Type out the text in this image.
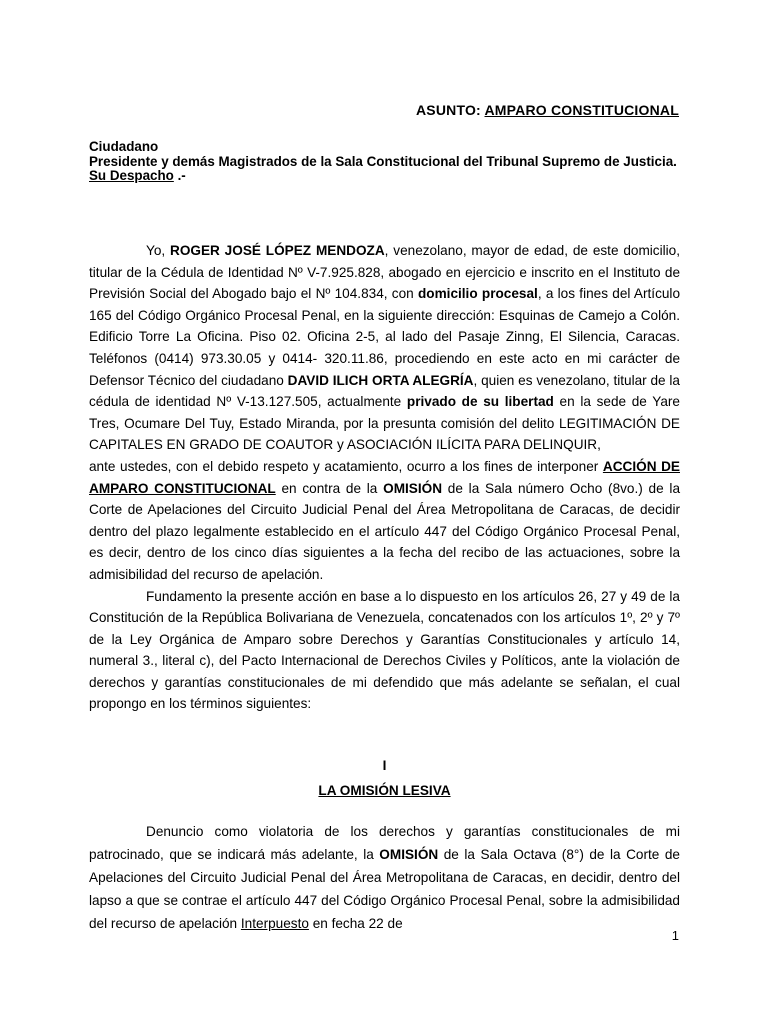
ASUNTO: AMPARO CONSTITUCIONAL
Ciudadano
Presidente y demás Magistrados de la Sala Constitucional del Tribunal Supremo de Justicia.
Su Despacho .-

Yo, ROGER JOSÉ LÓPEZ MENDOZA, venezolano, mayor de edad, de este domicilio, titular de la Cédula de Identidad Nº V-7.925.828, abogado en ejercicio e inscrito en el Instituto de Previsión Social del Abogado bajo el Nº 104.834, con domicilio procesal, a los fines del Artículo 165 del Código Orgánico Procesal Penal, en la siguiente dirección: Esquinas de Camejo a Colón. Edificio Torre La Oficina. Piso 02. Oficina 2-5, al lado del Pasaje Zinng, El Silencia, Caracas. Teléfonos (0414) 973.30.05 y 0414- 320.11.86, procediendo en este acto en mi carácter de Defensor Técnico del ciudadano DAVID ILICH ORTA ALEGRÍA, quien es venezolano, titular de la cédula de identidad Nº V-13.127.505, actualmente privado de su libertad en la sede de Yare Tres, Ocumare Del Tuy, Estado Miranda, por la presunta comisión del delito LEGITIMACIÓN DE CAPITALES EN GRADO DE COAUTOR y ASOCIACIÓN ILÍCITA PARA DELINQUIR,

ante ustedes, con el debido respeto y acatamiento, ocurro a los fines de interponer ACCIÓN DE AMPARO CONSTITUCIONAL en contra de la OMISIÓN de la Sala número Ocho (8vo.) de la Corte de Apelaciones del Circuito Judicial Penal del Área Metropolitana de Caracas, de decidir dentro del plazo legalmente establecido en el artículo 447 del Código Orgánico Procesal Penal, es decir, dentro de los cinco días siguientes a la fecha del recibo de las actuaciones, sobre la admisibilidad del recurso de apelación.

Fundamento la presente acción en base a lo dispuesto en los artículos 26, 27 y 49 de la Constitución de la República Bolivariana de Venezuela, concatenados con los artículos 1º, 2º y 7º de la Ley Orgánica de Amparo sobre Derechos y Garantías Constitucionales y artículo 14, numeral 3., literal c), del Pacto Internacional de Derechos Civiles y Políticos, ante la violación de derechos y garantías constitucionales de mi defendido que más adelante se señalan, el cual propongo en los términos siguientes:

I
LA OMISIÓN LESIVA

Denuncio como violatoria de los derechos y garantías constitucionales de mi patrocinado, que se indicará más adelante, la OMISIÓN de la Sala Octava (8°) de la Corte de Apelaciones del Circuito Judicial Penal del Área Metropolitana de Caracas, en decidir, dentro del lapso a que se contrae el artículo 447 del Código Orgánico Procesal Penal, sobre la admisibilidad del recurso de apelación Interpuesto en fecha 22 de

1
